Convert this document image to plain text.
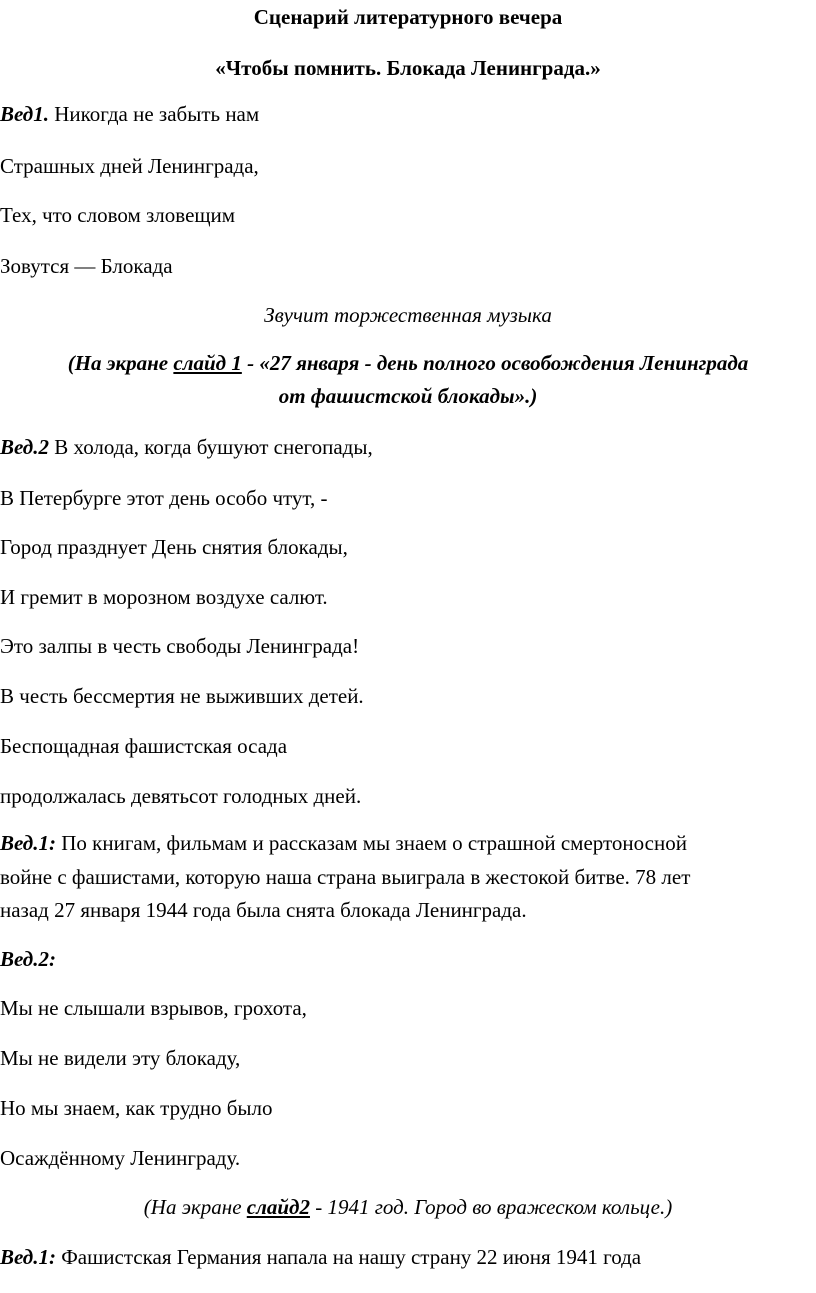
Сценарий литературного вечера
«Чтобы помнить. Блокада Ленинграда.»
Вед1. Никогда не забыть нам
Страшных дней Ленинграда,
Тех, что словом зловещим
Зовутся — Блокада
Звучит торжественная музыка
(На экране слайд 1 - «27 января - день полного освобождения Ленинграда
от фашистской блокады».)
Вед.2 В холода, когда бушуют снегопады,
В Петербурге этот день особо чтут, -
Город празднует День снятия блокады,
И гремит в морозном воздухе салют.
Это залпы в честь свободы Ленинграда!
В честь бессмертия не выживших детей.
Беспощадная фашистская осада
продолжалась девятьсот голодных дней.
Вед.1: По книгам, фильмам и рассказам мы знаем о страшной смертоносной
войне с фашистами, которую наша страна выиграла в жестокой битве. 78 лет
назад 27 января 1944 года была снята блокада Ленинграда.
Вед.2:
Мы не слышали взрывов, грохота,
Мы не видели эту блокаду,
Но мы знаем, как трудно было
Осаждённому Ленинграду.
(На экране слайд2 - 1941 год. Город во вражеском кольце.)
Вед.1: Фашистская Германия напала на нашу страну 22 июня 1941 года
